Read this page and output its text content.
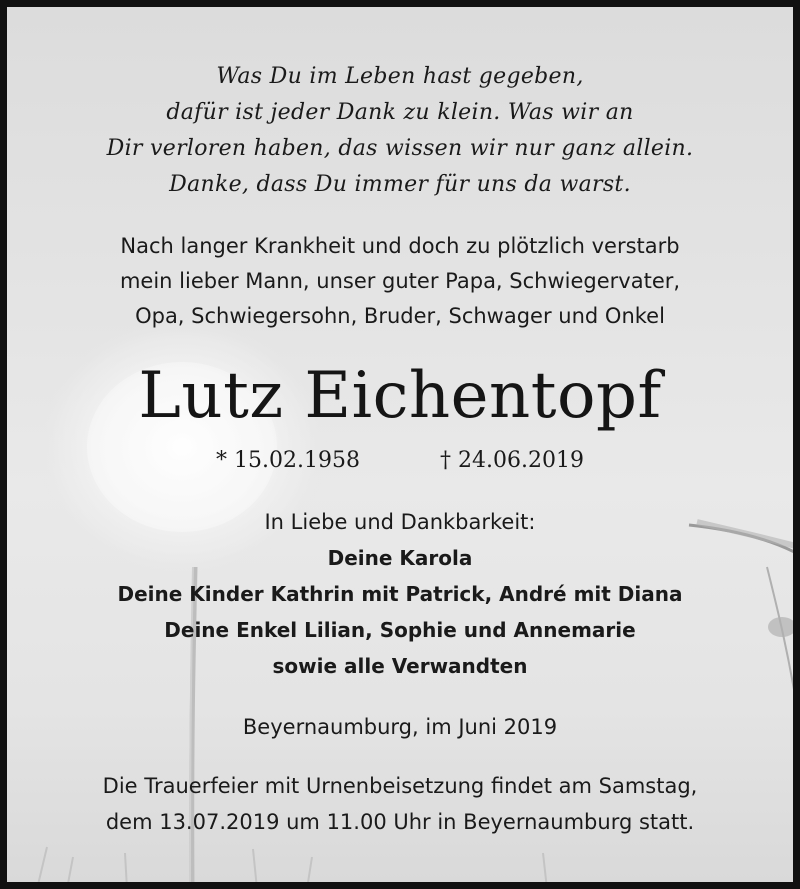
Was Du im Leben hast gegeben,
dafür ist jeder Dank zu klein. Was wir an
Dir verloren haben, das wissen wir nur ganz allein.
Danke, dass Du immer für uns da warst.
Nach langer Krankheit und doch zu plötzlich verstarb
mein lieber Mann, unser guter Papa, Schwiegervater,
Opa, Schwiegersohn, Bruder, Schwager und Onkel
Lutz Eichentopf
* 15.02.1958	† 24.06.2019
In Liebe und Dankbarkeit:
Deine Karola
Deine Kinder Kathrin mit Patrick, André mit Diana
Deine Enkel Lilian, Sophie und Annemarie
sowie alle Verwandten
Beyernaumburg, im Juni 2019
Die Trauerfeier mit Urnenbeisetzung findet am Samstag,
dem 13.07.2019 um 11.00 Uhr in Beyernaumburg statt.
